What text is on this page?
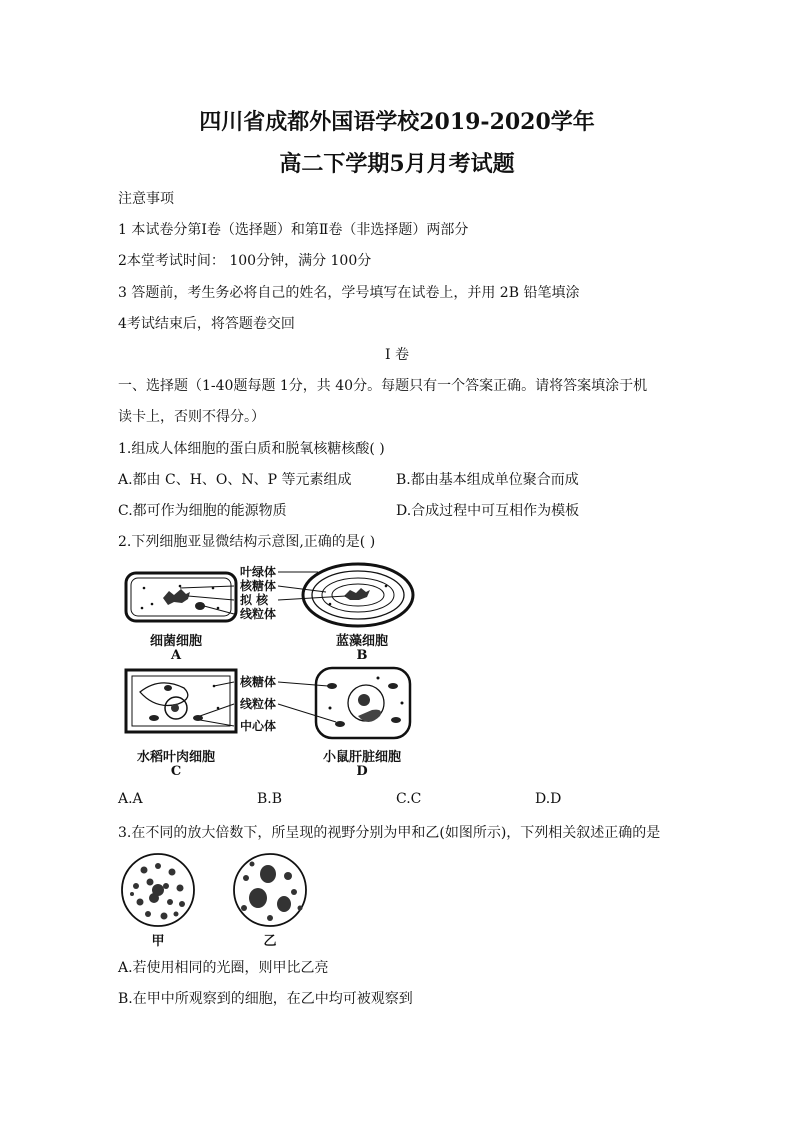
四川省成都外国语学校2019-2020学年
高二下学期5月月考试题
注意事项
1 本试卷分第Ⅰ卷（选择题）和第Ⅱ卷（非选择题）两部分
2本堂考试时间： 100分钟，满分 100分
3 答题前，考生务必将自己的姓名，学号填写在试卷上，并用 2B 铅笔填涂
4考试结束后，将答题卷交回
Ⅰ 卷
一、选择题（1-40题每题 1分，共 40分。每题只有一个答案正确。请将答案填涂于机
读卡上，否则不得分。）
1.组成人体细胞的蛋白质和脱氧核糖核酸( )
A.都由 C、H、O、N、P 等元素组成	B.都由基本组成单位聚合而成
C.都可作为细胞的能源物质	D.合成过程中可互相作为模板
2.下列细胞亚显微结构示意图,正确的是( )
叶绿体
核糖体
拟 核
线粒体
核糖体
线粒体
中心体
细菌细胞
A
蓝藻细胞
B
水稻叶肉细胞
C
小鼠肝脏细胞
D
A.A	B.B	C.C	D.D
3.在不同的放大倍数下，所呈现的视野分别为甲和乙(如图所示)，下列相关叙述正确的是
甲	乙
A.若使用相同的光圈，则甲比乙亮
B.在甲中所观察到的细胞，在乙中均可被观察到
